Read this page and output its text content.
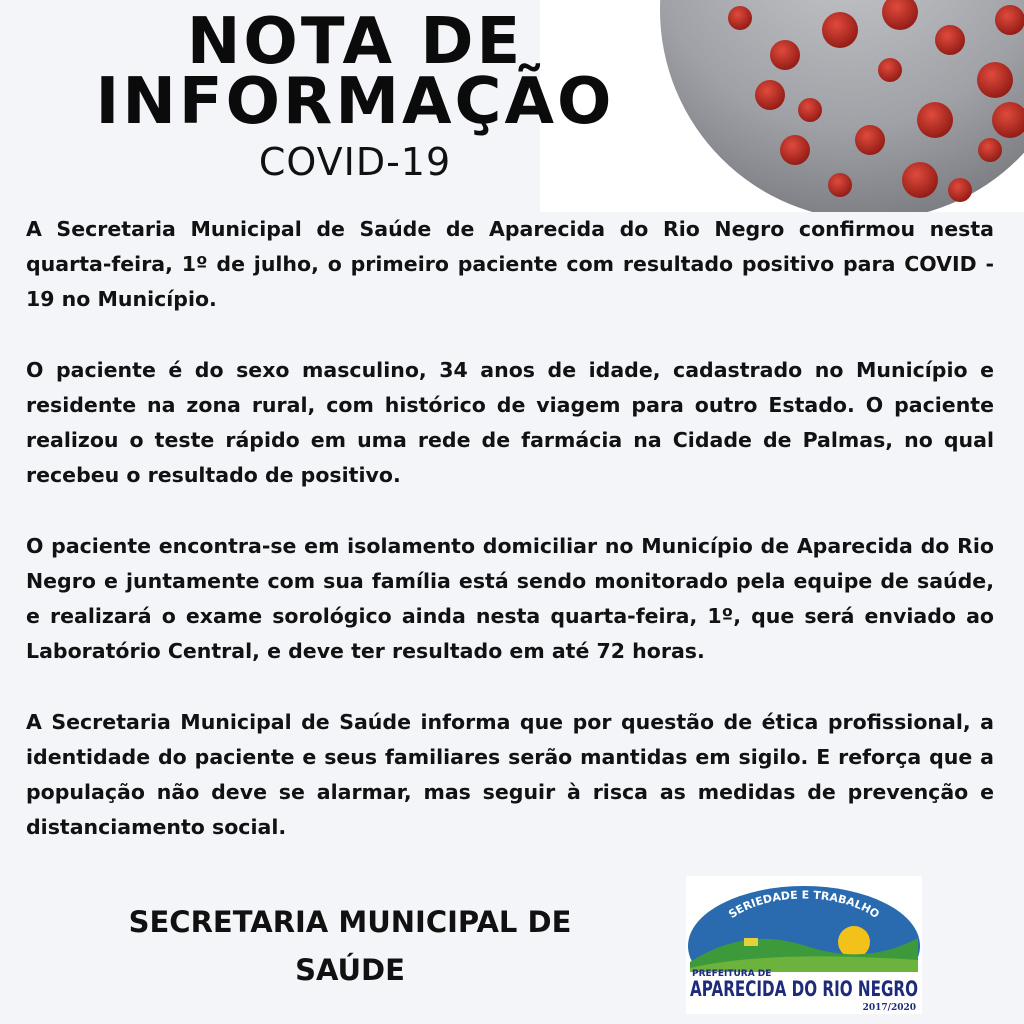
NOTA DE
INFORMAÇÃO
COVID-19

A Secretaria Municipal de Saúde de Aparecida do Rio Negro confirmou nesta quarta-feira, 1º de julho, o primeiro paciente com resultado positivo para COVID - 19 no Município.

O paciente é do sexo masculino, 34 anos de idade, cadastrado no Município e residente na zona rural, com histórico de viagem para outro Estado. O paciente realizou o teste rápido em uma rede de farmácia na Cidade de Palmas, no qual recebeu o resultado de positivo.

O paciente encontra-se em isolamento domiciliar no Município de Aparecida do Rio Negro e juntamente com sua família está sendo monitorado pela equipe de saúde, e realizará o exame sorológico ainda nesta quarta-feira, 1º, que será enviado ao Laboratório Central, e deve ter resultado em até 72 horas.

A Secretaria Municipal de Saúde informa que por questão de ética profissional, a identidade do paciente e seus familiares serão mantidas em sigilo. E reforça que a população não deve se alarmar, mas seguir à risca as medidas de prevenção e distanciamento social.

SECRETARIA MUNICIPAL DE
SAÚDE
SERIEDADE E TRABALHO
PREFEITURA DE
APARECIDA DO RIO NEGRO
2017/2020
